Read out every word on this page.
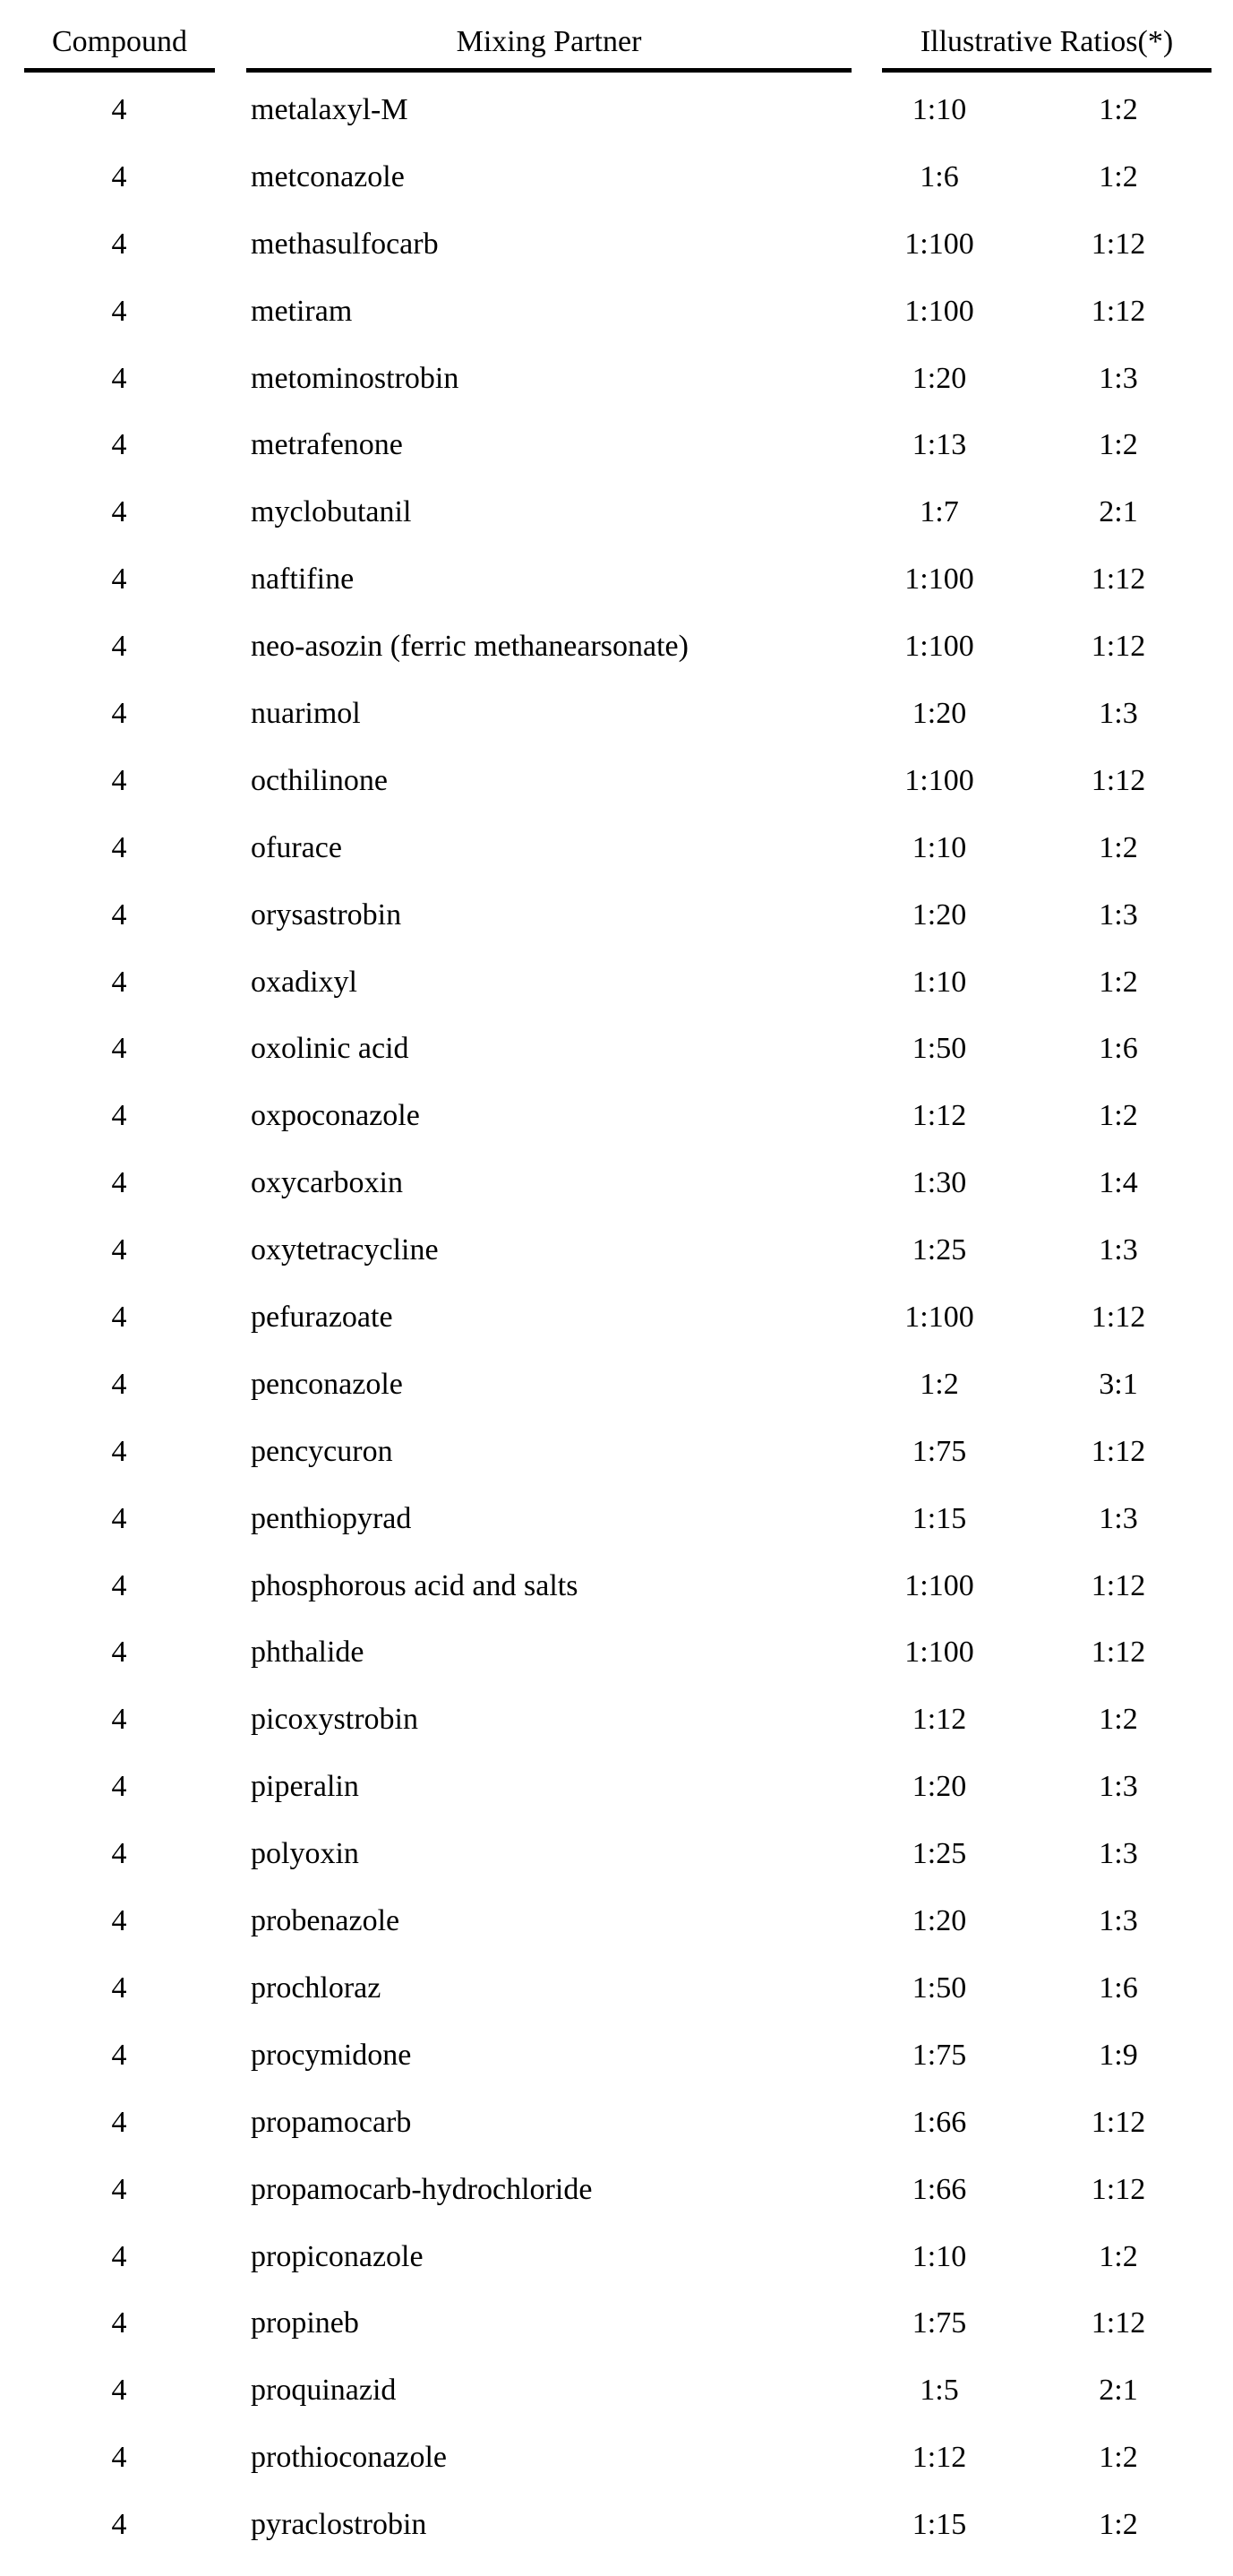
Compound	Mixing Partner	Illustrative Ratios(*)
4	metalaxyl-M	1:10	1:2
4	metconazole	1:6	1:2
4	methasulfocarb	1:100	1:12
4	metiram	1:100	1:12
4	metominostrobin	1:20	1:3
4	metrafenone	1:13	1:2
4	myclobutanil	1:7	2:1
4	naftifine	1:100	1:12
4	neo-asozin (ferric methanearsonate)	1:100	1:12
4	nuarimol	1:20	1:3
4	octhilinone	1:100	1:12
4	ofurace	1:10	1:2
4	orysastrobin	1:20	1:3
4	oxadixyl	1:10	1:2
4	oxolinic acid	1:50	1:6
4	oxpoconazole	1:12	1:2
4	oxycarboxin	1:30	1:4
4	oxytetracycline	1:25	1:3
4	pefurazoate	1:100	1:12
4	penconazole	1:2	3:1
4	pencycuron	1:75	1:12
4	penthiopyrad	1:15	1:3
4	phosphorous acid and salts	1:100	1:12
4	phthalide	1:100	1:12
4	picoxystrobin	1:12	1:2
4	piperalin	1:20	1:3
4	polyoxin	1:25	1:3
4	probenazole	1:20	1:3
4	prochloraz	1:50	1:6
4	procymidone	1:75	1:9
4	propamocarb	1:66	1:12
4	propamocarb-hydrochloride	1:66	1:12
4	propiconazole	1:10	1:2
4	propineb	1:75	1:12
4	proquinazid	1:5	2:1
4	prothioconazole	1:12	1:2
4	pyraclostrobin	1:15	1:2
